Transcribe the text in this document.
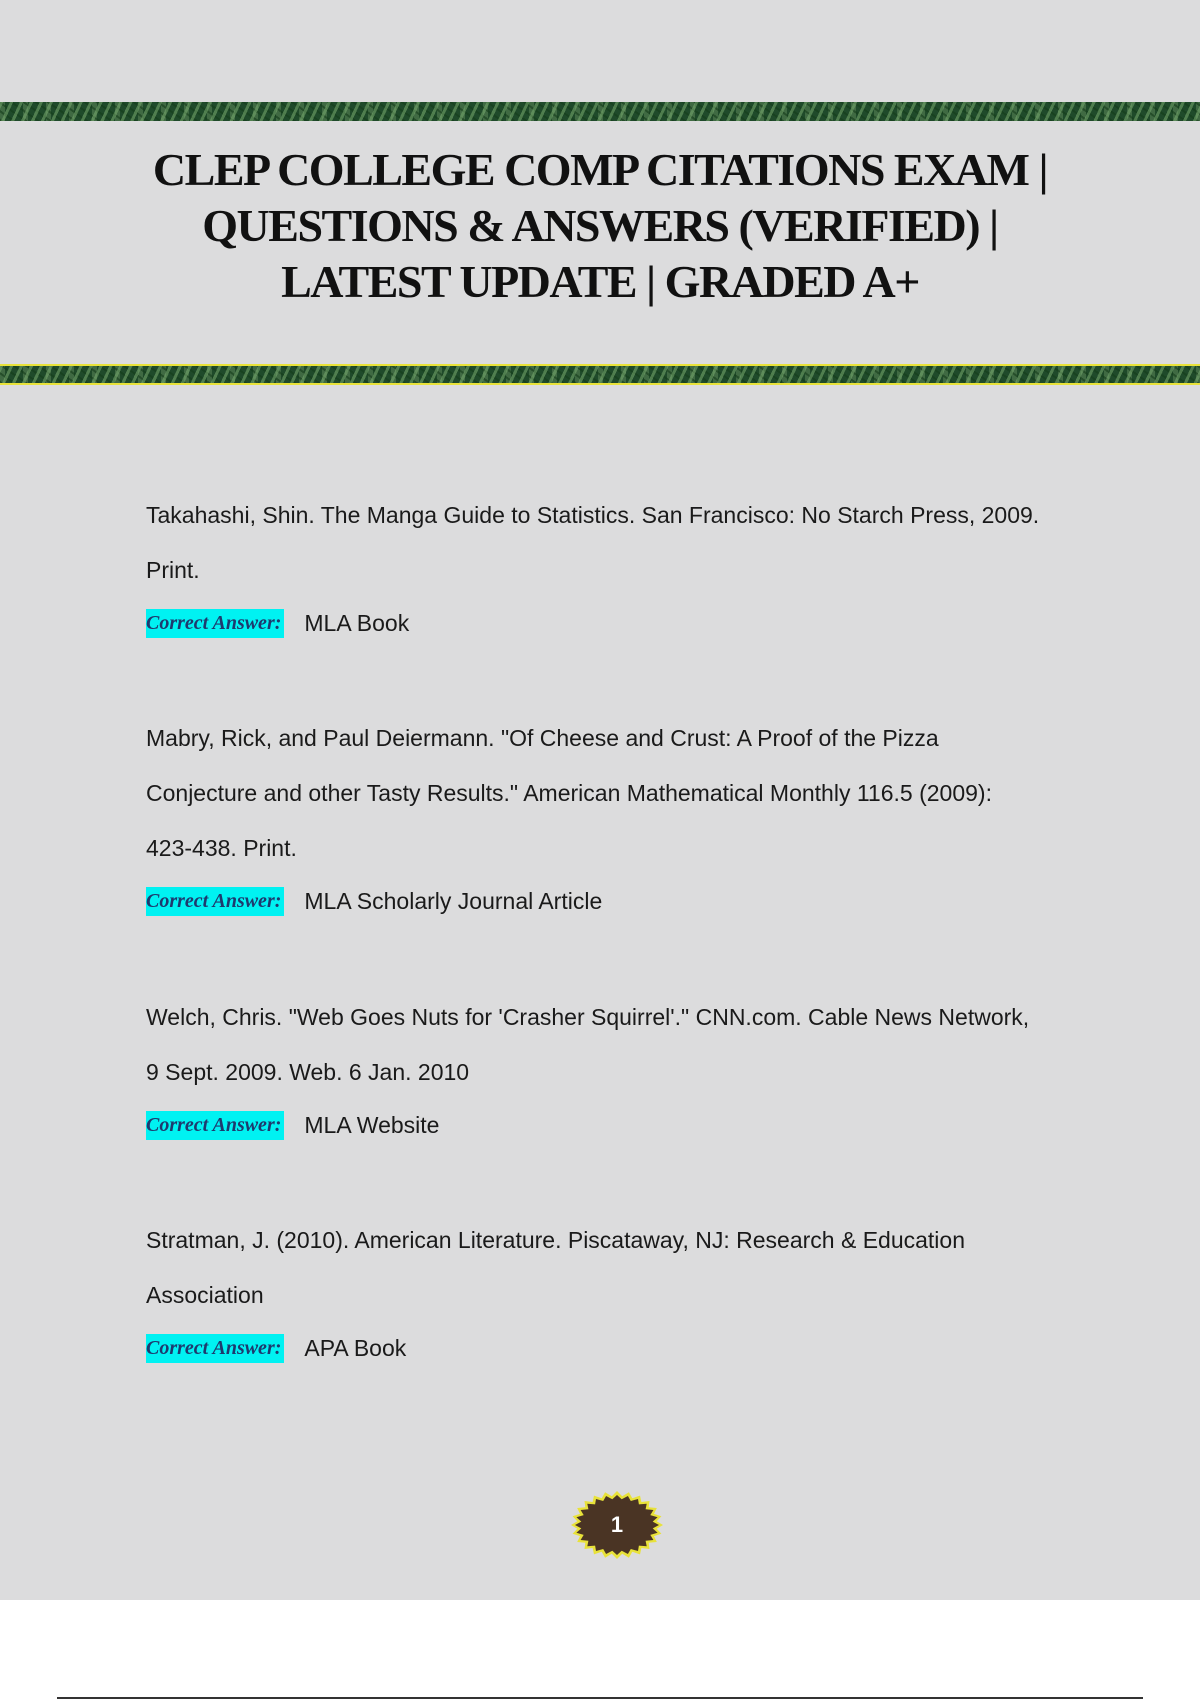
CLEP COLLEGE COMP CITATIONS EXAM |
QUESTIONS & ANSWERS (VERIFIED) |
LATEST UPDATE | GRADED A+

Takahashi, Shin. The Manga Guide to Statistics. San Francisco: No Starch Press, 2009.
Print.

Correct Answer: MLA Book

Mabry, Rick, and Paul Deiermann. "Of Cheese and Crust: A Proof of the Pizza
Conjecture and other Tasty Results." American Mathematical Monthly 116.5 (2009):
423-438. Print.

Correct Answer: MLA Scholarly Journal Article

Welch, Chris. "Web Goes Nuts for 'Crasher Squirrel'." CNN.com. Cable News Network,
9 Sept. 2009. Web. 6 Jan. 2010

Correct Answer: MLA Website

Stratman, J. (2010). American Literature. Piscataway, NJ: Research & Education
Association

Correct Answer: APA Book
1
